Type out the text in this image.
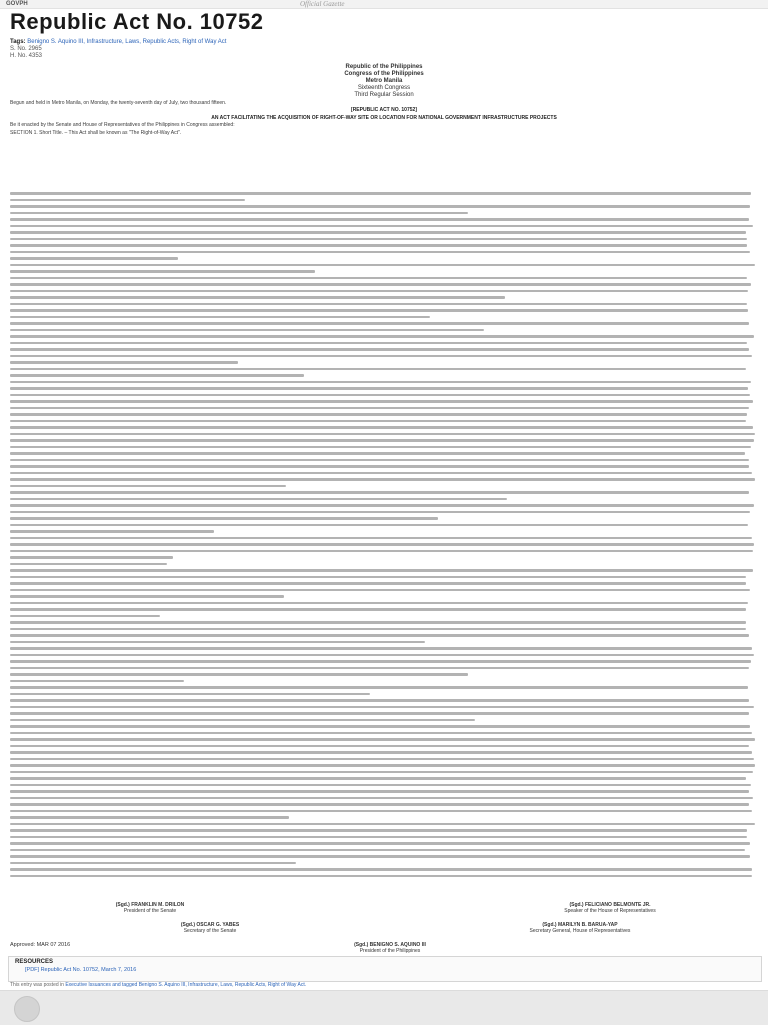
GOVPH	Official Gazette
Republic Act No. 10752
Tags: Benigno S. Aquino III, Infrastructure, Laws, Republic Acts, Right of Way Act
S. No. 2965
H. No. 4353
Republic of the Philippines
Congress of the Philippines
Metro Manila
Sixteenth Congress
Third Regular Session
Begun and held in Metro Manila, on Monday, the twenty-seventh day of July, two thousand fifteen.
[REPUBLIC ACT NO. 10752]
AN ACT FACILITATING THE ACQUISITION OF RIGHT-OF-WAY SITE OR LOCATION FOR NATIONAL GOVERNMENT INFRASTRUCTURE PROJECTS
Be it enacted by the Senate and House of Representatives of the Philippines in Congress assembled:
SECTION 1. Short Title. – This Act shall be known as "The Right-of-Way Act".
(Sgd.) FRANKLIN M. DRILON
President of the Senate
(Sgd.) FELICIANO BELMONTE JR.
Speaker of the House of Representatives
(Sgd.) OSCAR G. YABES
Secretary of the Senate
(Sgd.) MARILYN B. BARUA-YAP
Secretary General, House of Representatives
(Sgd.) BENIGNO S. AQUINO III
President of the Philippines
Approved: MAR 07 2016
RESOURCES
[PDF] Republic Act No. 10752, March 7, 2016
This entry was posted in Executive Issuances and tagged Benigno S. Aquino III, Infrastructure, Laws, Republic Acts, Right of Way Act.
